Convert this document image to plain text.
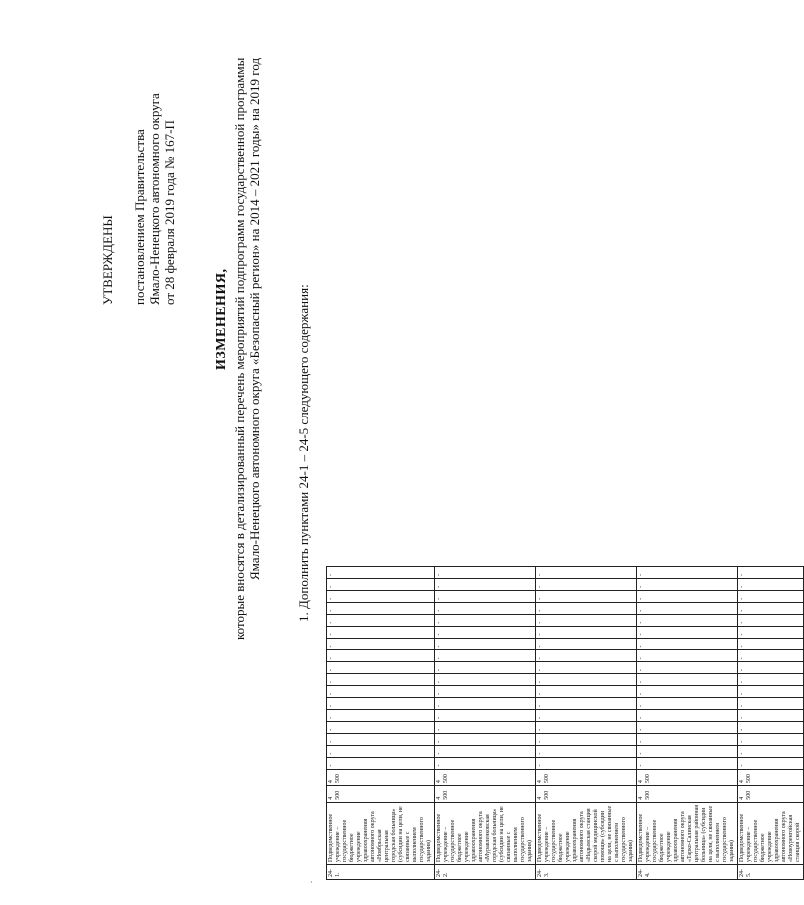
УТВЕРЖДЕНЫ постановлением Правительства Ямало-Ненецкого автономного округа от 28 февраля 2019 года № 167-П
ИЗМЕНЕНИЯ, которые вносятся в детализированный перечень мероприятий подпрограмм государственной программы Ямало-Ненецкого автономного округа «Безопасный регион» на 2014 – 2021 годы» на 2019 год	1. Дополнить пунктами 24-1 – 24-5 следующего содержания:
24-1.	Подведомственное учреждение – государственное бюджетное учреждение здравоохранения автономного округа «Ноябрьская центральная городская больница» (субсидии на цели, не связанные с выполнением государственного задания)	4 500	4 500	-	-	-	-	-	-	-	-	-	-	-	-	-	-	-	-	-
24-2.	Подведомственное учреждение – государственное бюджетное учреждение здравоохранения автономного округа «Муравленковская городская больница» (субсидии на цели, не связанные с выполнением государственного задания)	4 500	4 500	-	-	-	-	-	-	-	-	-	-	-	-	-	-	-	-	-
24-3.	Подведомственное учреждение – государственное бюджетное учреждение здравоохранения автономного округа «Надымская станция скорой медицинской помощи» (субсидии на цели, не связанные с выполнением государственного задания)	4 500	4 500	-	-	-	-	-	-	-	-	-	-	-	-	-	-	-	-	-
24-4.	Подведомственное учреждение – государственное бюджетное учреждение здравоохранения автономного округа «Тарко-Салинская центральная районная больница» (субсидии на цели, не связанные с выполнением государственного задания)	4 500	4 500	-	-	-	-	-	-	-	-	-	-	-	-	-	-	-	-	-
24-5.	Подведомственное учреждение – государственное бюджетное учреждение здравоохранения автономного округа «Новоуренгойская станция скорой	4 500	4 500	-	-	-	-	-	-	-	-	-	-	-	-	-	-	-	-	-
·
